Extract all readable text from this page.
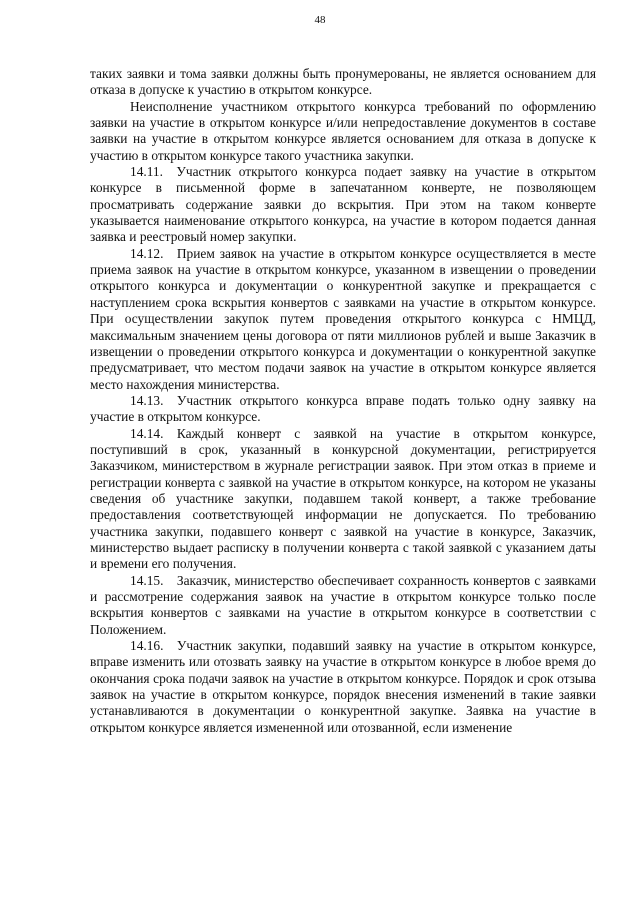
48

таких заявки и тома заявки должны быть пронумерованы, не является основанием для отказа в допуске к участию в открытом конкурсе.

Неисполнение участником открытого конкурса требований по оформлению заявки на участие в открытом конкурсе и/или непредоставление документов в составе заявки на участие в открытом конкурсе является основанием для отказа в допуске к участию в открытом конкурсе такого участника закупки.

14.11. Участник открытого конкурса подает заявку на участие в открытом конкурсе в письменной форме в запечатанном конверте, не позволяющем просматривать содержание заявки до вскрытия. При этом на таком конверте указывается наименование открытого конкурса, на участие в котором подается данная заявка и реестровый номер закупки.

14.12. Прием заявок на участие в открытом конкурсе осуществляется в месте приема заявок на участие в открытом конкурсе, указанном в извещении о проведении открытого конкурса и документации о конкурентной закупке и прекращается с наступлением срока вскрытия конвертов с заявками на участие в открытом конкурсе. При осуществлении закупок путем проведения открытого конкурса с НМЦД, максимальным значением цены договора от пяти миллионов рублей и выше Заказчик в извещении о проведении открытого конкурса и документации о конкурентной закупке предусматривает, что местом подачи заявок на участие в открытом конкурсе является место нахождения министерства.

14.13. Участник открытого конкурса вправе подать только одну заявку на участие в открытом конкурсе.

14.14. Каждый конверт с заявкой на участие в открытом конкурсе, поступивший в срок, указанный в конкурсной документации, регистрируется Заказчиком, министерством в журнале регистрации заявок. При этом отказ в приеме и регистрации конверта с заявкой на участие в открытом конкурсе, на котором не указаны сведения об участнике закупки, подавшем такой конверт, а также требование предоставления соответствующей информации не допускается. По требованию участника закупки, подавшего конверт с заявкой на участие в конкурсе, Заказчик, министерство выдает расписку в получении конверта с такой заявкой с указанием даты и времени его получения.

14.15. Заказчик, министерство обеспечивает сохранность конвертов с заявками и рассмотрение содержания заявок на участие в открытом конкурсе только после вскрытия конвертов с заявками на участие в открытом конкурсе в соответствии с Положением.

14.16. Участник закупки, подавший заявку на участие в открытом конкурсе, вправе изменить или отозвать заявку на участие в открытом конкурсе в любое время до окончания срока подачи заявок на участие в открытом конкурсе. Порядок и срок отзыва заявок на участие в открытом конкурсе, порядок внесения изменений в такие заявки устанавливаются в документации о конкурентной закупке. Заявка на участие в открытом конкурсе является измененной или отозванной, если изменение
